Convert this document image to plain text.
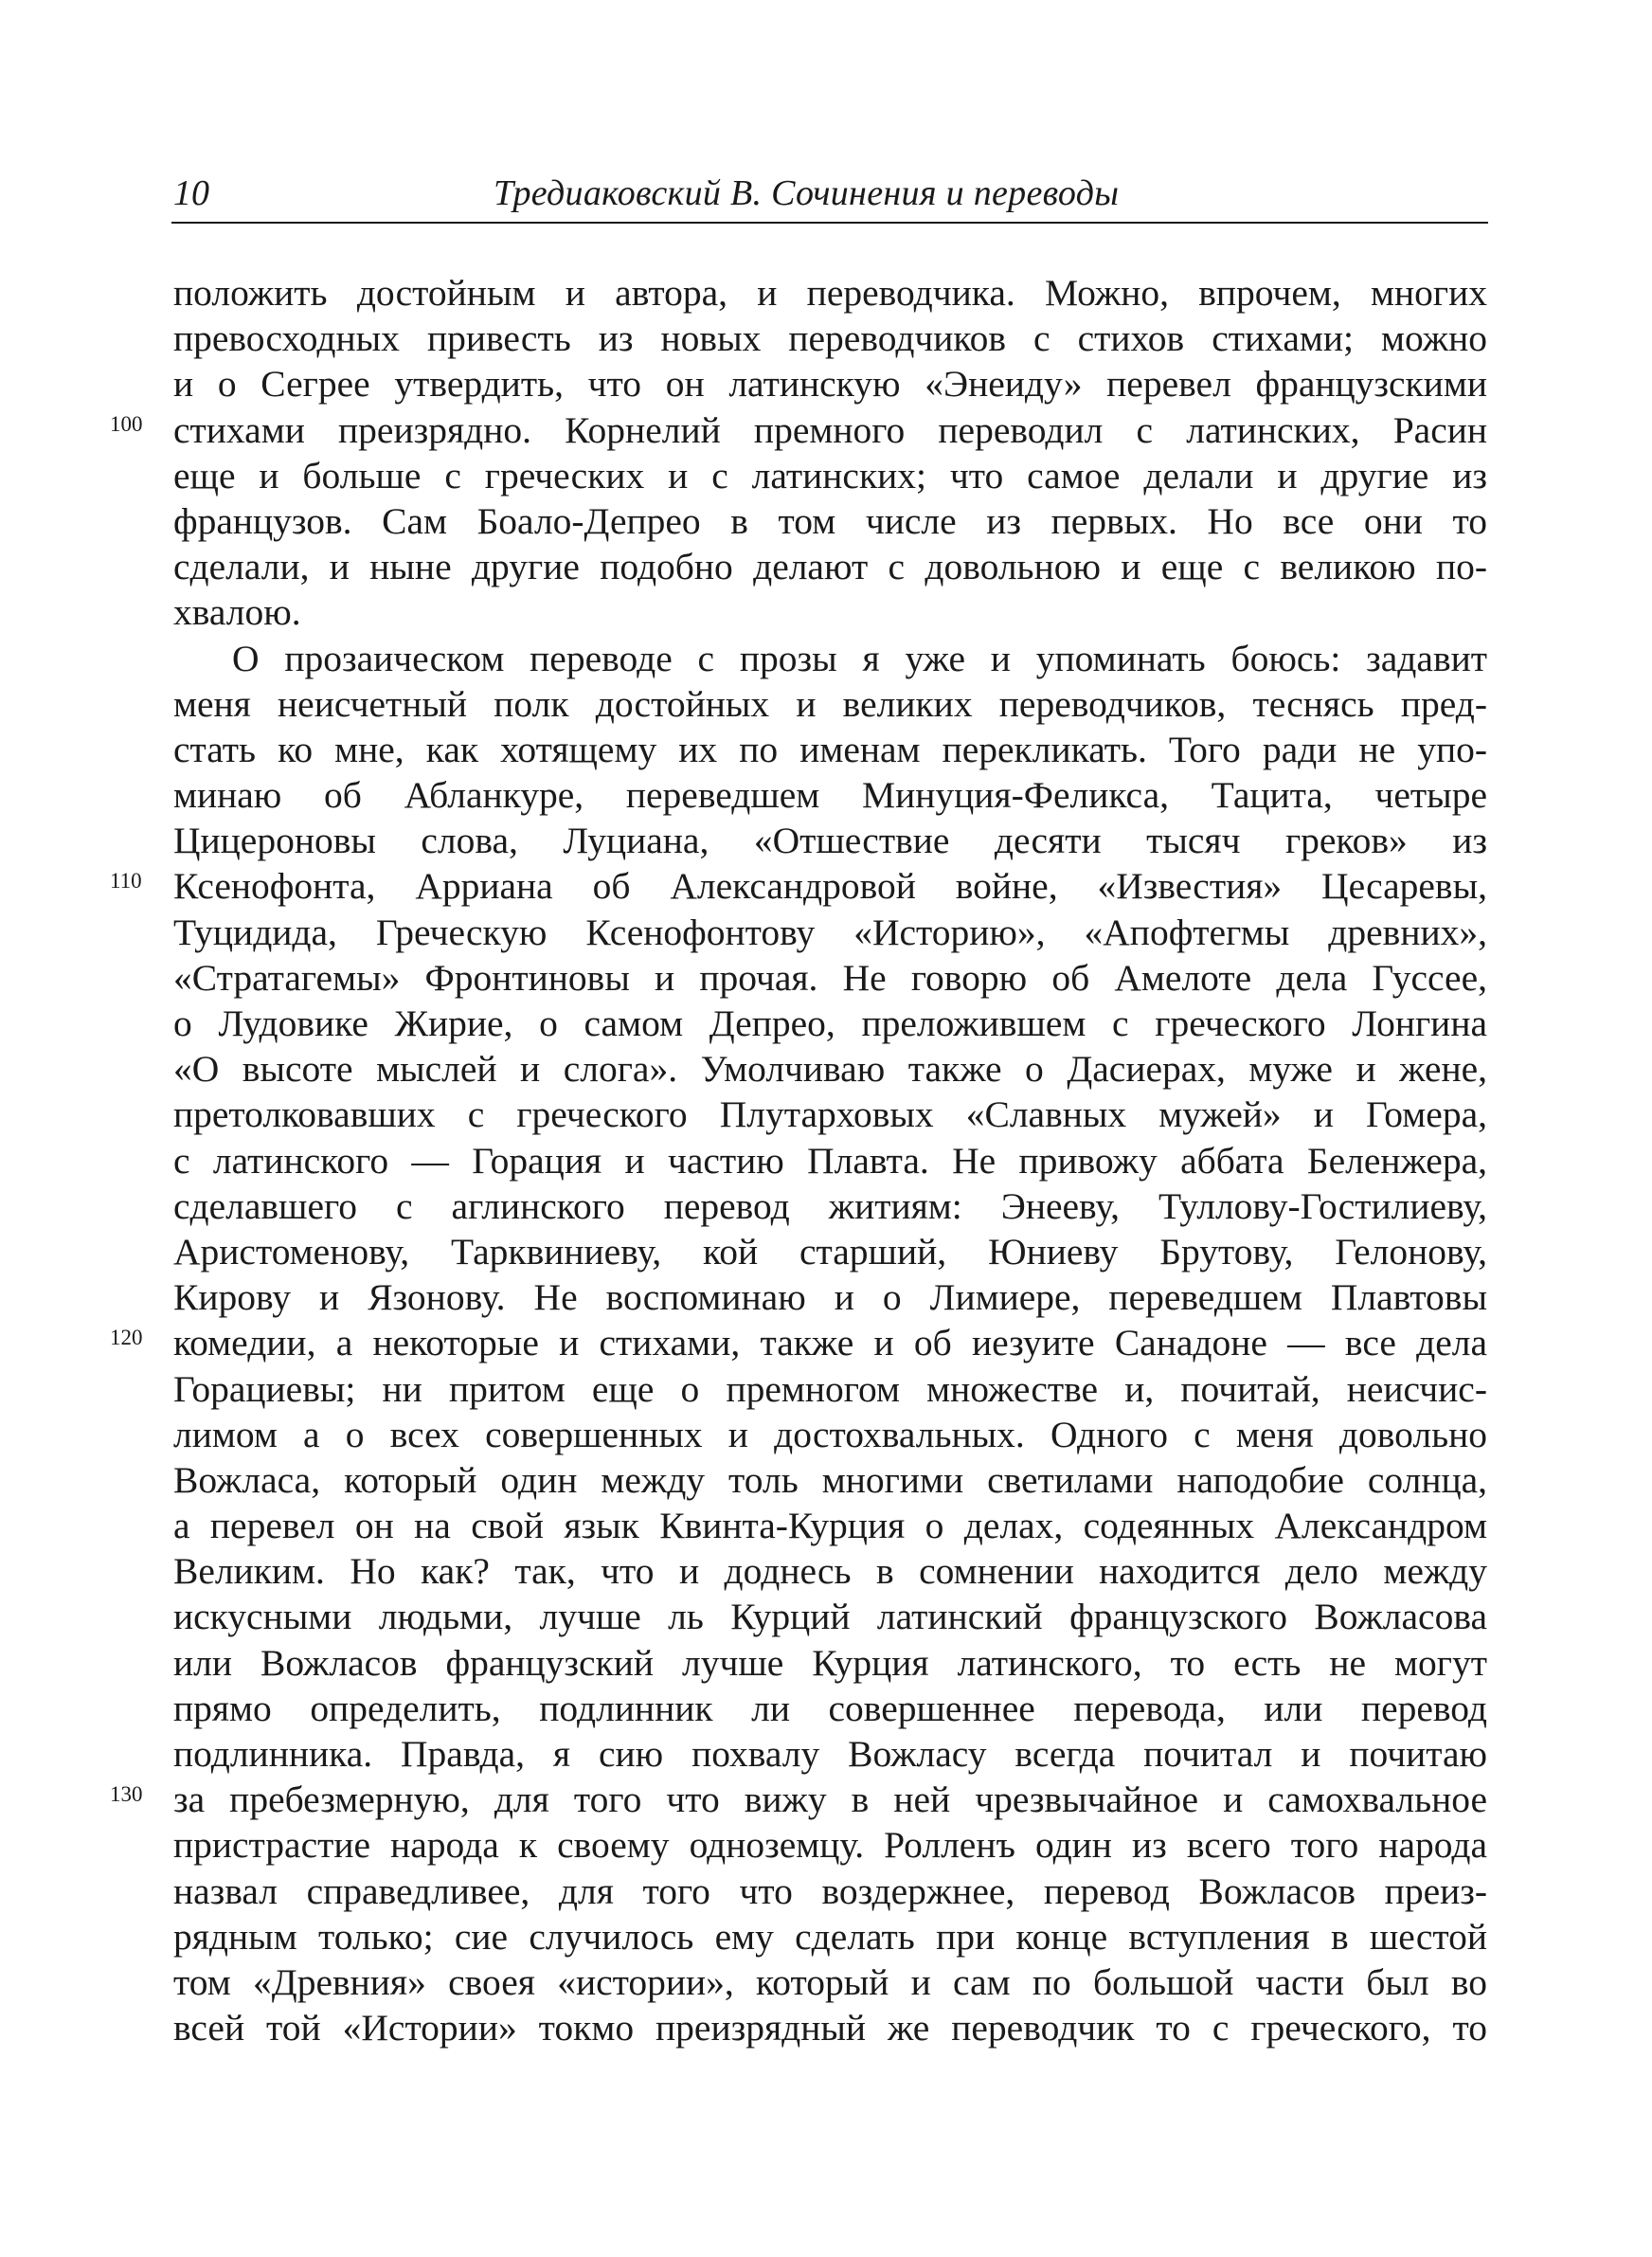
10	Тредиаковский В. Сочинения и переводы
100
110
120
130
положить достойным и автора, и переводчика. Можно, впрочем, многих
превосходных привесть из новых переводчиков с стихов стихами; можно
и о Сегрее утвердить, что он латинскую «Энеиду» перевел французскими
стихами преизрядно. Корнелий премного переводил с латинских, Расин
еще и больше с греческих и с латинских; что самое делали и другие из
французов. Сам Боало-Депрео в том числе из первых. Но все они то
сделали, и ныне другие подобно делают с довольною и еще с великою по-
хвалою.
О прозаическом переводе с прозы я уже и упоминать боюсь: задавит
меня неисчетный полк достойных и великих переводчиков, теснясь пред-
стать ко мне, как хотящему их по именам перекликать. Того ради не упо-
минаю об Абланкуре, переведшем Минуция-Феликса, Тацита, четыре
Цицероновы слова, Луциана, «Отшествие десяти тысяч греков» из
Ксенофонта, Арриана об Александровой войне, «Известия» Цесаревы,
Туцидида, Греческую Ксенофонтову «Историю», «Апофтегмы древних»,
«Стратагемы» Фронтиновы и прочая. Не говорю об Амелоте дела Гуссее,
о Лудовике Жирие, о самом Депрео, преложившем с греческого Лонгина
«О высоте мыслей и слога». Умолчиваю также о Дасиерах, муже и жене,
претолковавших с греческого Плутарховых «Славных мужей» и Гомера,
с латинского — Горация и частию Плавта. Не привожу аббата Беленжера,
сделавшего с аглинского перевод житиям: Энееву, Туллову-Гостилиеву,
Аристоменову, Тарквиниеву, кой старший, Юниеву Брутову, Гелонову,
Кирову и Язонову. Не воспоминаю и о Лимиере, переведшем Плавтовы
комедии, а некоторые и стихами, также и об иезуите Санадоне — все дела
Горациевы; ни притом еще о премногом множестве и, почитай, неисчис-
лимом а о всех совершенных и достохвальных. Одного с меня довольно
Вожласа, который один между толь многими светилами наподобие солнца,
а перевел он на свой язык Квинта-Курция о делах, содеянных Александром
Великим. Но как? так, что и доднесь в сомнении находится дело между
искусными людьми, лучше ль Курций латинский французского Вожласова
или Вожласов французский лучше Курция латинского, то есть не могут
прямо определить, подлинник ли совершеннее перевода, или перевод
подлинника. Правда, я сию похвалу Вожласу всегда почитал и почитаю
за пребезмерную, для того что вижу в ней чрезвычайное и самохвальное
пристрастие народа к своему одноземцу. Ролленъ один из всего того народа
назвал справедливее, для того что воздержнее, перевод Вожласов преиз-
рядным только; сие случилось ему сделать при конце вступления в шестой
том «Древния» своея «истории», который и сам по большой части был во
всей той «Истории» токмо преизрядный же переводчик то с греческого, то
